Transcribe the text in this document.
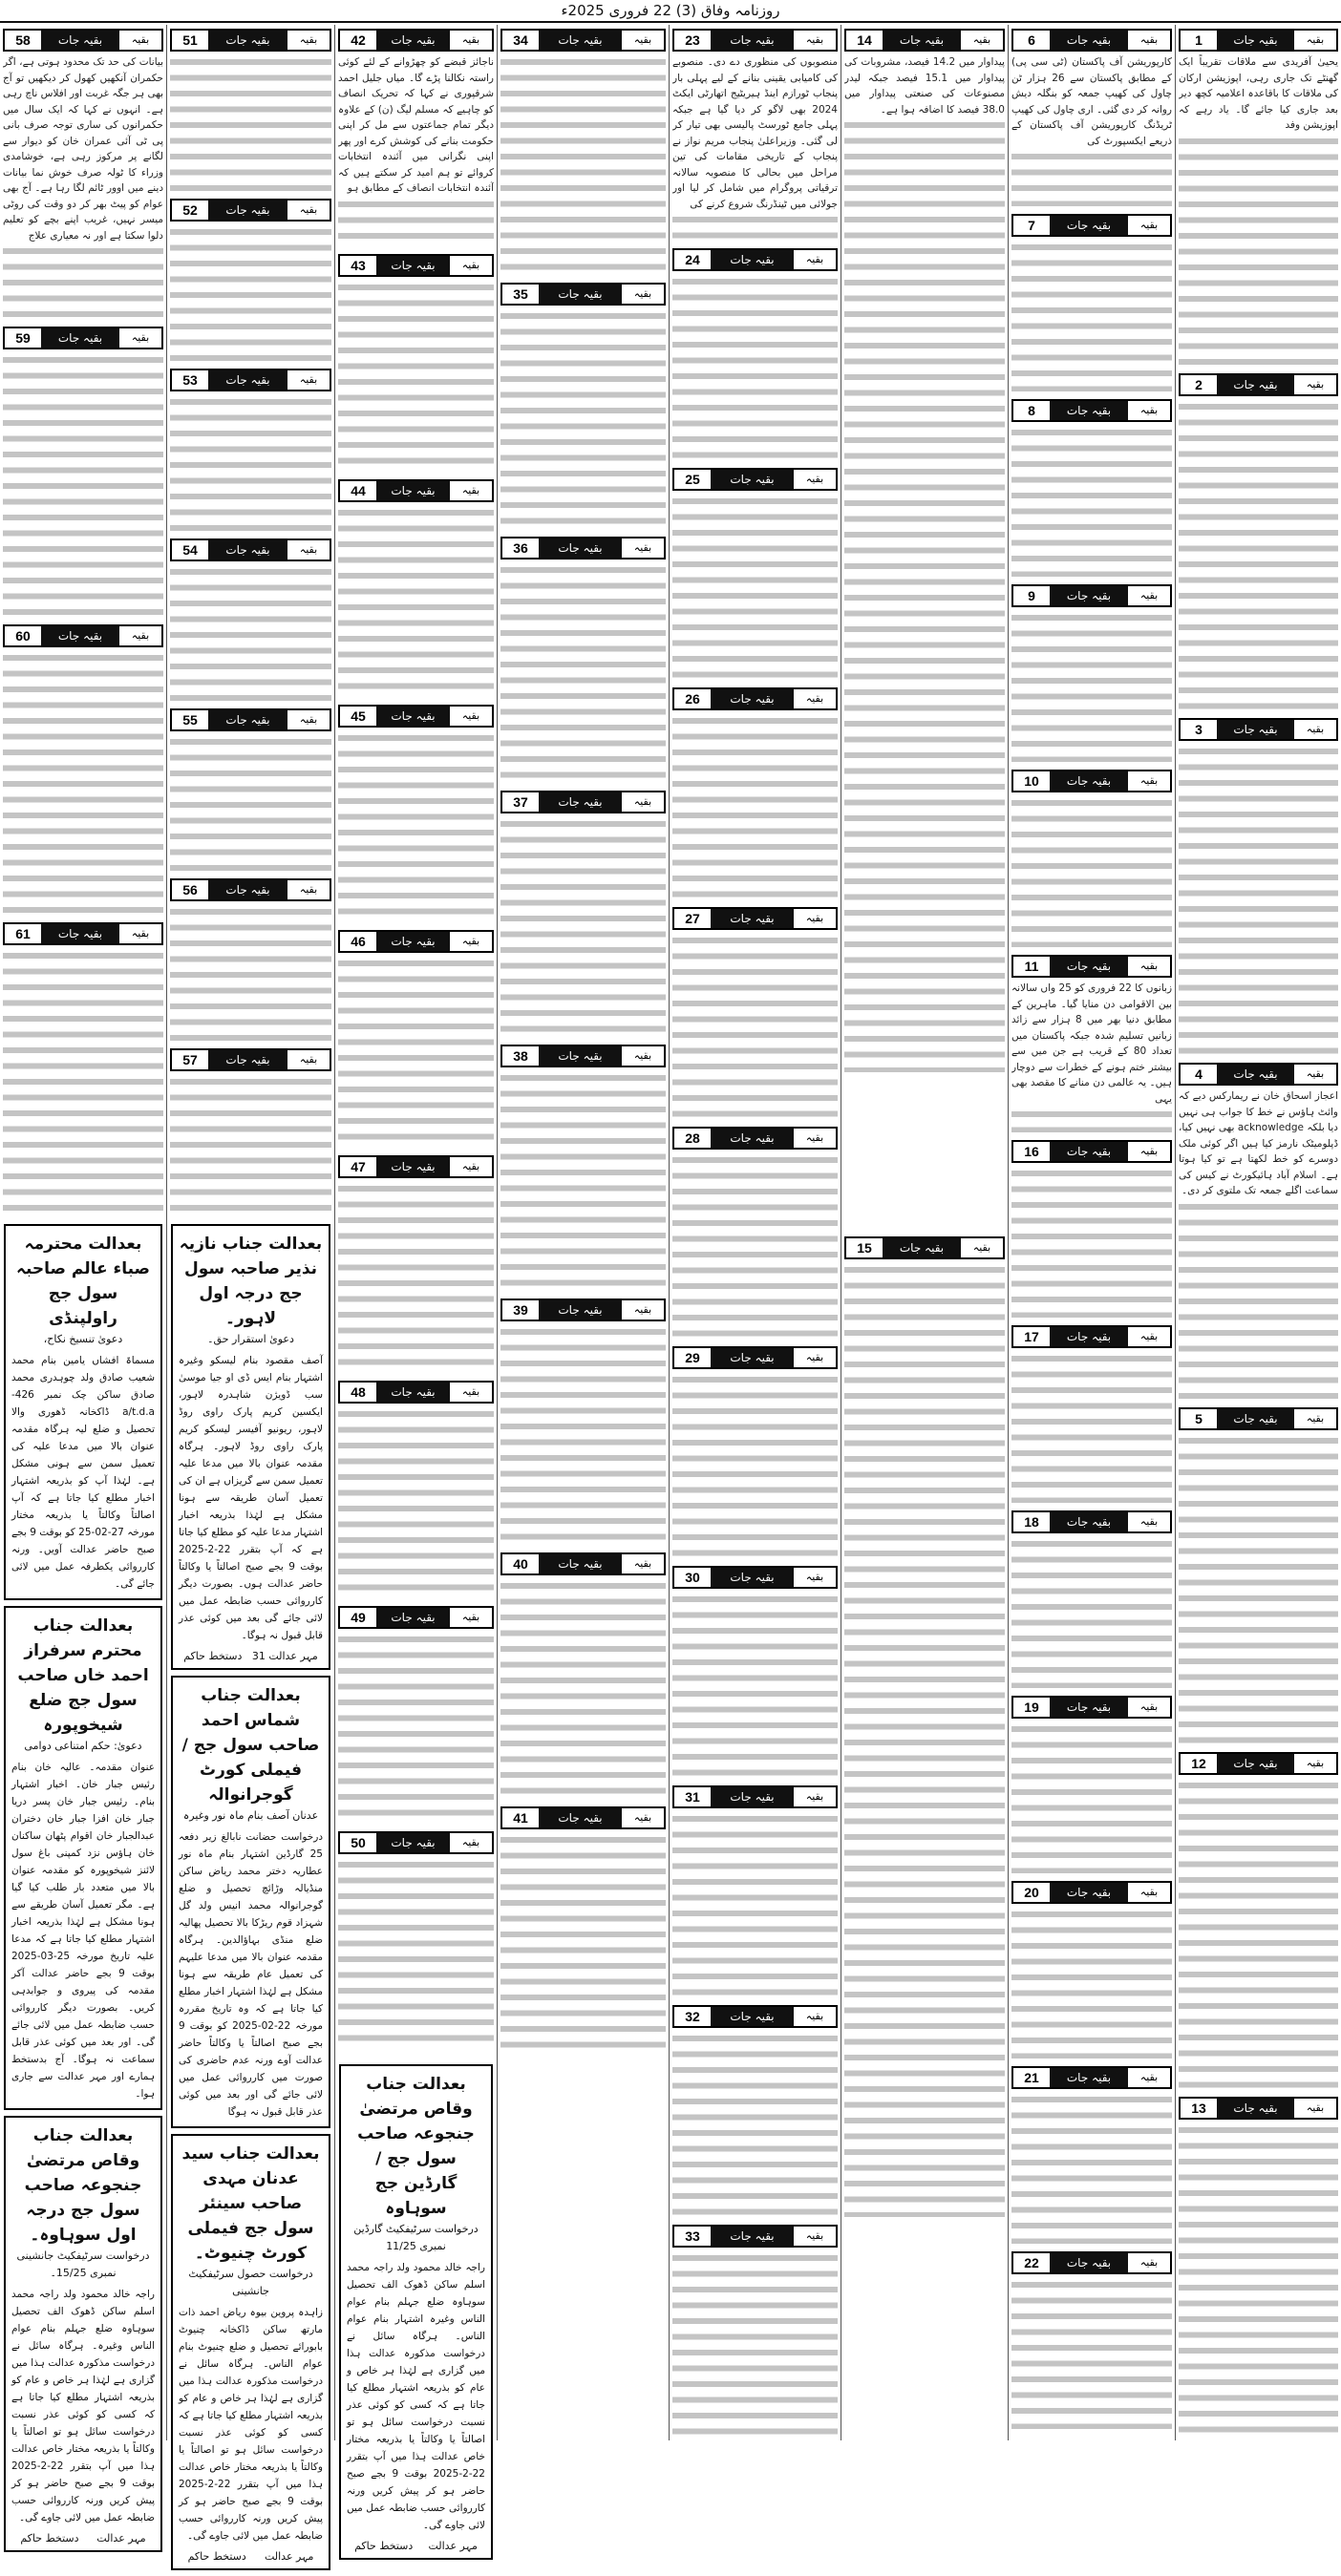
روزنامہ وفاق (3) 22 فروری 2025ء
1	بقیہ جات	بقیہ
یحییٰ آفریدی سے ملاقات تقریباً ایک گھنٹے تک جاری رہی، اپوزیشن ارکان کی ملاقات کا باقاعدہ اعلامیہ کچھ دیر بعد جاری کیا جائے گا۔ یاد رہے کہ اپوزیشن وفد
2	بقیہ جات	بقیہ
3	بقیہ جات	بقیہ
4	بقیہ جات	بقیہ
اعجاز اسحاق خان نے ریمارکس دیے کہ وائٹ ہاؤس نے خط کا جواب ہی نہیں دیا بلکہ acknowledge بھی نہیں کیا، ڈپلومیٹک نارمز کیا ہیں اگر کوئی ملک دوسرے کو خط لکھتا ہے تو کیا ہوتا ہے۔ اسلام آباد ہائیکورٹ نے کیس کی سماعت اگلے جمعہ تک ملتوی کر دی۔
5	بقیہ جات	بقیہ
12	بقیہ جات	بقیہ
13	بقیہ جات	بقیہ
6	بقیہ جات	بقیہ
کارپوریشن آف پاکستان (ٹی سی پی) کے مطابق پاکستان سے 26 ہزار ٹن چاول کی کھیپ جمعہ کو بنگلہ دیش روانہ کر دی گئی۔ اری چاول کی کھیپ ٹریڈنگ کارپوریشن آف پاکستان کے ذریعے ایکسپورٹ کی
7	بقیہ جات	بقیہ
8	بقیہ جات	بقیہ
9	بقیہ جات	بقیہ
10	بقیہ جات	بقیہ
11	بقیہ جات	بقیہ
زبانوں کا 22 فروری کو 25 واں سالانہ بین الاقوامی دن منایا گیا۔ ماہرین کے مطابق دنیا بھر میں 8 ہزار سے زائد زبانیں تسلیم شدہ جبکہ پاکستان میں تعداد 80 کے قریب ہے جن میں سے بیشتر ختم ہونے کے خطرات سے دوچار ہیں۔ یہ عالمی دن منانے کا مقصد بھی یہی
16	بقیہ جات	بقیہ
17	بقیہ جات	بقیہ
18	بقیہ جات	بقیہ
19	بقیہ جات	بقیہ
20	بقیہ جات	بقیہ
21	بقیہ جات	بقیہ
22	بقیہ جات	بقیہ
14	بقیہ جات	بقیہ
پیداوار میں 14.2 فیصد، مشروبات کی پیداوار میں 15.1 فیصد جبکہ لیدر مصنوعات کی صنعتی پیداوار میں 38.0 فیصد کا اضافہ ہوا ہے۔
15	بقیہ جات	بقیہ
23	بقیہ جات	بقیہ
منصوبوں کی منظوری دے دی۔ منصوبے کی کامیابی یقینی بنانے کے لیے پہلی بار پنجاب ٹورازم اینڈ ہیریٹیج اتھارٹی ایکٹ 2024 بھی لاگو کر دیا گیا ہے جبکہ پہلی جامع ٹورسٹ پالیسی بھی تیار کر لی گئی۔ وزیراعلیٰ پنجاب مریم نواز نے پنجاب کے تاریخی مقامات کی تین مراحل میں بحالی کا منصوبہ سالانہ ترقیاتی پروگرام میں شامل کر لیا اور جولائی میں ٹینڈرنگ شروع کرنے کی
24	بقیہ جات	بقیہ
25	بقیہ جات	بقیہ
26	بقیہ جات	بقیہ
27	بقیہ جات	بقیہ
28	بقیہ جات	بقیہ
29	بقیہ جات	بقیہ
30	بقیہ جات	بقیہ
31	بقیہ جات	بقیہ
32	بقیہ جات	بقیہ
33	بقیہ جات	بقیہ
34	بقیہ جات	بقیہ
35	بقیہ جات	بقیہ
36	بقیہ جات	بقیہ
37	بقیہ جات	بقیہ
38	بقیہ جات	بقیہ
39	بقیہ جات	بقیہ
40	بقیہ جات	بقیہ
41	بقیہ جات	بقیہ
42	بقیہ جات	بقیہ
ناجائز قبضے کو چھڑوانے کے لئے کوئی راستہ نکالنا پڑے گا۔ میاں جلیل احمد شرقپوری نے کہا کہ تحریک انصاف کو چاہیے کہ مسلم لیگ (ن) کے علاوہ دیگر تمام جماعتوں سے مل کر اپنی حکومت بنانے کی کوشش کرے اور پھر اپنی نگرانی میں آئندہ انتخابات کروائے تو ہم امید کر سکتے ہیں کہ آئندہ انتخابات انصاف کے مطابق ہو
43	بقیہ جات	بقیہ
44	بقیہ جات	بقیہ
45	بقیہ جات	بقیہ
46	بقیہ جات	بقیہ
47	بقیہ جات	بقیہ
48	بقیہ جات	بقیہ
49	بقیہ جات	بقیہ
50	بقیہ جات	بقیہ
51	بقیہ جات	بقیہ
52	بقیہ جات	بقیہ
53	بقیہ جات	بقیہ
54	بقیہ جات	بقیہ
55	بقیہ جات	بقیہ
56	بقیہ جات	بقیہ
57	بقیہ جات	بقیہ
58	بقیہ جات	بقیہ
بیانات کی حد تک محدود ہوتی ہے، اگر حکمران آنکھیں کھول کر دیکھیں تو آج بھی ہر جگہ غربت اور افلاس ناچ رہی ہے۔ انہوں نے کہا کہ ایک سال میں حکمرانوں کی ساری توجہ صرف بانی پی ٹی آئی عمران خان کو دیوار سے لگانے پر مرکوز رہی ہے، خوشامدی وزراء کا ٹولہ صرف خوش نما بیانات دینے میں اوور ٹائم لگا رہا ہے۔ آج بھی عوام کو پیٹ بھر کر دو وقت کی روٹی میسر نہیں، غریب اپنے بچے کو تعلیم دلوا سکتا ہے اور نہ معیاری علاج
59	بقیہ جات	بقیہ
60	بقیہ جات	بقیہ
61	بقیہ جات	بقیہ
بعدالت محترمہ صباء عالم صاحبہ
سول جج راولپنڈی
دعویٰ تنسیخ نکاح،
مسماۃ افشاں یامین بنام محمد شعیب صادق ولد چوہدری محمد صادق ساکن چک نمبر 426-a/t.d.a ڈاکخانہ ڈھوری والا تحصیل و ضلع لیہ ہرگاہ مقدمہ عنوان بالا میں مدعا علیہ کی تعمیل سمن سے ہونی مشکل ہے۔ لہٰذا آپ کو بذریعہ اشتہار اخبار مطلع کیا جاتا ہے کہ آپ اصالتاً وکالتاً یا بذریعہ مختار مورخہ 27-02-25 کو بوقت 9 بجے صبح حاضر عدالت آویں۔ ورنہ کارروائی یکطرفہ عمل میں لائی جائے گی۔
بعدالت جناب محترم سرفراز احمد خاں صاحب سول جج ضلع شیخوپورہ
دعویٰ: حکم امتناعی دوامی
عنوان مقدمہ۔ عالیہ خان بنام رئیس جبار خان۔ اخبار اشتہار بنام۔ رئیس جبار خان پسر دریا جبار خان افزا جبار خان دختران عبدالجبار خان اقوام پٹھان ساکنان خان ہاؤس نزد کمپنی باغ سول لائنز شیخوپورہ کو مقدمہ عنوان بالا میں متعدد بار طلب کیا گیا ہے۔ مگر تعمیل آسان طریقے سے ہونا مشکل ہے لہٰذا بذریعہ اخبار اشتہار مطلع کیا جاتا ہے کہ مدعا علیہ تاریخ مورخہ 25-03-2025 بوقت 9 بجے حاضر عدالت آکر مقدمہ کی پیروی و جوابدہی کریں۔ بصورت دیگر کارروائی حسب ضابطہ عمل میں لائی جائے گی۔ اور بعد میں کوئی عذر قابل سماعت نہ ہوگا۔ آج بدستخط ہمارے اور مہر عدالت سے جاری ہوا۔
بعدالت جناب وقاص مرتضیٰ جنجوعہ صاحب سول جج درجہ اول سوہاوہ۔
درخواست سرٹیفکیٹ جانشینی نمبری 15/25۔
راجہ خالد محمود ولد راجہ محمد اسلم ساکن ڈھوک الف تحصیل سوہاوہ ضلع جہلم بنام عوام الناس وغیرہ۔ ہرگاہ سائل نے درخواست مذکورہ عدالت ہذا میں گزاری ہے لہٰذا ہر خاص و عام کو بذریعہ اشتہار مطلع کیا جاتا ہے کہ کسی کو کوئی عذر نسبت درخواست سائل ہو تو اصالتاً یا وکالتاً یا بذریعہ مختار خاص عدالت ہذا میں آپ بتقرر 22-2-2025 بوقت 9 بجے صبح حاضر ہو کر پیش کریں ورنہ کارروائی حسب ضابطہ عمل میں لائی جاوے گی۔
مہر عدالت
دستخط حاکم
بعدالت جناب نازیہ نذیر صاحبہ سول جج درجہ اول لاہور۔
دعویٰ استقرار حق۔
آصف مقصود بنام لیسکو وغیرہ اشتہار بنام ایس ڈی او جیا موسیٰ سب ڈویژن شاہدرہ لاہور، ایکسین کریم پارک راوی روڈ لاہور، ریونیو آفیسر لیسکو کریم پارک راوی روڈ لاہور۔ ہرگاہ مقدمہ عنوان بالا میں مدعا علیہ تعمیل سمن سے گریزاں ہے ان کی تعمیل آسان طریقہ سے ہونا مشکل ہے لہٰذا بذریعہ اخبار اشتہار مدعا علیہ کو مطلع کیا جاتا ہے کہ آپ بتقرر 22-2-2025 بوقت 9 بجے صبح اصالتاً یا وکالتاً حاضر عدالت ہوں۔ بصورت دیگر کارروائی حسب ضابطہ عمل میں لائی جائے گی بعد میں کوئی عذر قابل قبول نہ ہوگا۔
مہر عدالت 31
دستخط حاکم
بعدالت جناب شماس احمد صاحب سول جج / فیملی کورٹ گوجرانوالہ
عدنان آصف بنام ماہ نور وغیرہ
درخواست حضانت نابالغ زیر دفعہ 25 گارڈین اشتہار بنام ماہ نور عطاریہ دختر محمد ریاض ساکن منڈیالہ وڑائچ تحصیل و ضلع گوجرانوالہ محمد انیس ولد گل شہزاد قوم ریڑکا بالا تحصیل پھالیہ ضلع منڈی بہاؤالدین۔ ہرگاہ مقدمہ عنوان بالا میں مدعا علیہم کی تعمیل عام طریقہ سے ہونا مشکل ہے لہٰذا اشتہار اخبار مطلع کیا جاتا ہے کہ وہ تاریخ مقررہ مورخہ 22-02-2025 کو بوقت 9 بجے صبح اصالتاً یا وکالتاً حاضر عدالت آوے ورنہ عدم حاضری کی صورت میں کارروائی عمل میں لائی جائے گی اور بعد میں کوئی عذر قابل قبول نہ ہوگا
بعدالت جناب سید عدنان مہدی صاحب سینئر سول جج فیملی کورٹ چنیوٹ۔
درخواست حصول سرٹیفکیٹ جانشینی
زاہدہ پروین بیوہ ریاض احمد ذات مارتھ ساکن ڈاکخانہ چنیوٹ بابورائے تحصیل و ضلع چنیوٹ بنام عوام الناس۔ ہرگاہ سائل نے درخواست مذکورہ عدالت ہذا میں گزاری ہے لہٰذا ہر خاص و عام کو بذریعہ اشتہار مطلع کیا جاتا ہے کہ کسی کو کوئی عذر نسبت درخواست سائل ہو تو اصالتاً یا وکالتاً یا بذریعہ مختار خاص عدالت ہذا میں آپ بتقرر 22-2-2025 بوقت 9 بجے صبح حاضر ہو کر پیش کریں ورنہ کارروائی حسب ضابطہ عمل میں لائی جاوے گی۔
مہر عدالت
دستخط حاکم
بعدالت جناب وقاص مرتضیٰ جنجوعہ صاحب سول جج / گارڈین جج سوہاوہ
درخواست سرٹیفکیٹ گارڈین نمبری 11/25
راجہ خالد محمود ولد راجہ محمد اسلم ساکن ڈھوک الف تحصیل سوہاوہ ضلع جہلم بنام عوام الناس وغیرہ اشتہار بنام عوام الناس۔ ہرگاہ سائل نے درخواست مذکورہ عدالت ہذا میں گزاری ہے لہٰذا ہر خاص و عام کو بذریعہ اشتہار مطلع کیا جاتا ہے کہ کسی کو کوئی عذر نسبت درخواست سائل ہو تو اصالتاً یا وکالتاً یا بذریعہ مختار خاص عدالت ہذا میں آپ بتقرر 22-2-2025 بوقت 9 بجے صبح حاضر ہو کر پیش کریں ورنہ کارروائی حسب ضابطہ عمل میں لائی جاوے گی۔
مہر عدالت
دستخط حاکم
